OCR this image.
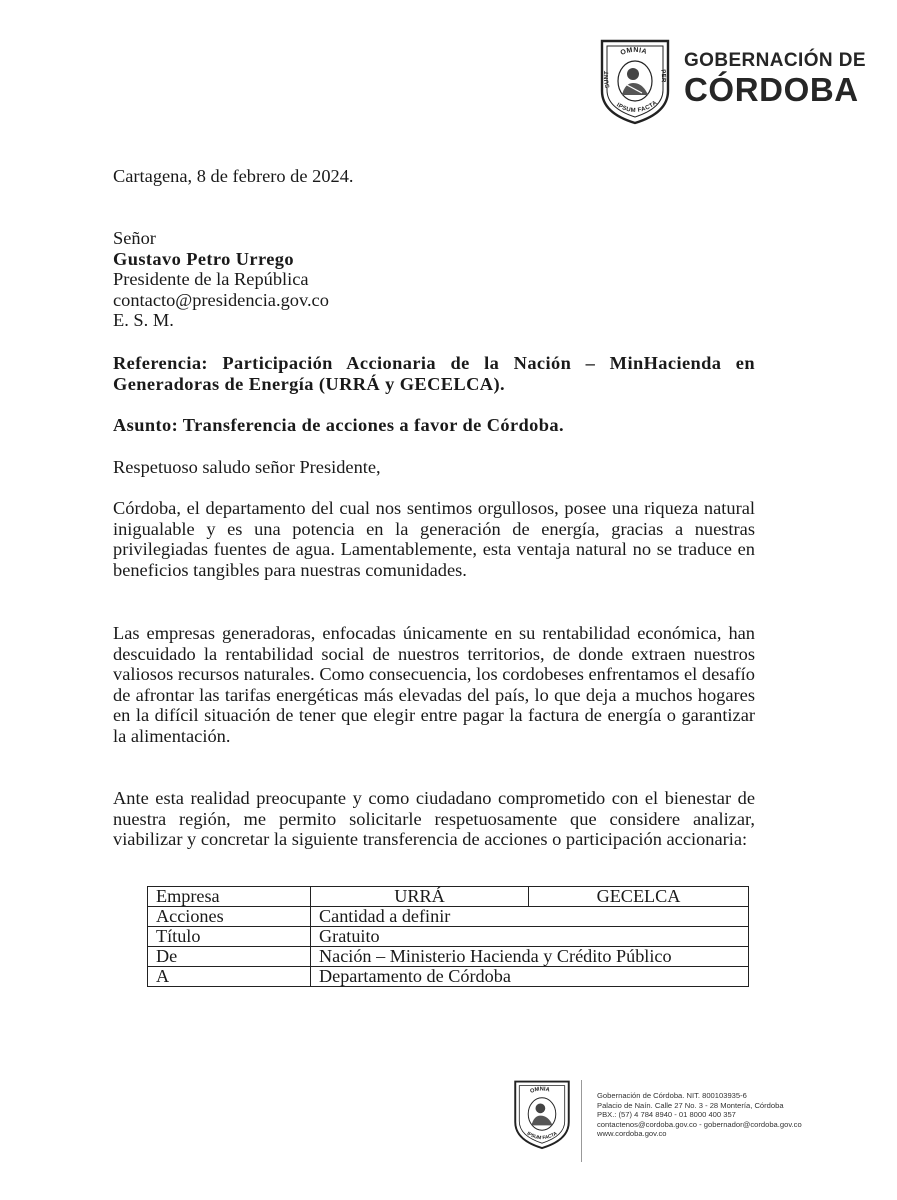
OMNIA
SUNT	PER
IPSUM FACTA
GOBERNACIÓN DE
CÓRDOBA
Cartagena, 8 de febrero de 2024.
Señor
Gustavo Petro Urrego
Presidente de la República
contacto@presidencia.gov.co
E. S. M.
Referencia: Participación Accionaria de la Nación – MinHacienda en Generadoras de Energía (URRÁ y GECELCA).
Asunto: Transferencia de acciones a favor de Córdoba.
Respetuoso saludo señor Presidente,
Córdoba, el departamento del cual nos sentimos orgullosos, posee una riqueza natural inigualable y es una potencia en la generación de energía, gracias a nuestras privilegiadas fuentes de agua. Lamentablemente, esta ventaja natural no se traduce en beneficios tangibles para nuestras comunidades.
Las empresas generadoras, enfocadas únicamente en su rentabilidad económica, han descuidado la rentabilidad social de nuestros territorios, de donde extraen nuestros valiosos recursos naturales. Como consecuencia, los cordobeses enfrentamos el desafío de afrontar las tarifas energéticas más elevadas del país, lo que deja a muchos hogares en la difícil situación de tener que elegir entre pagar la factura de energía o garantizar la alimentación.
Ante esta realidad preocupante y como ciudadano comprometido con el bienestar de nuestra región, me permito solicitarle respetuosamente que considere analizar, viabilizar y concretar la siguiente transferencia de acciones o participación accionaria:
Empresa	URRÁ	GECELCA
Acciones	Cantidad a definir	
Título	Gratuito	
De	Nación – Ministerio Hacienda y Crédito Público	
A	Departamento de Córdoba	
OMNIA
IPSUM FACTA
Gobernación de Córdoba. NIT. 800103935-6
Palacio de Naín. Calle 27 No. 3 - 28 Montería, Córdoba
PBX.: (57) 4 784 8940 - 01 8000 400 357
contactenos@cordoba.gov.co - gobernador@cordoba.gov.co
www.cordoba.gov.co
